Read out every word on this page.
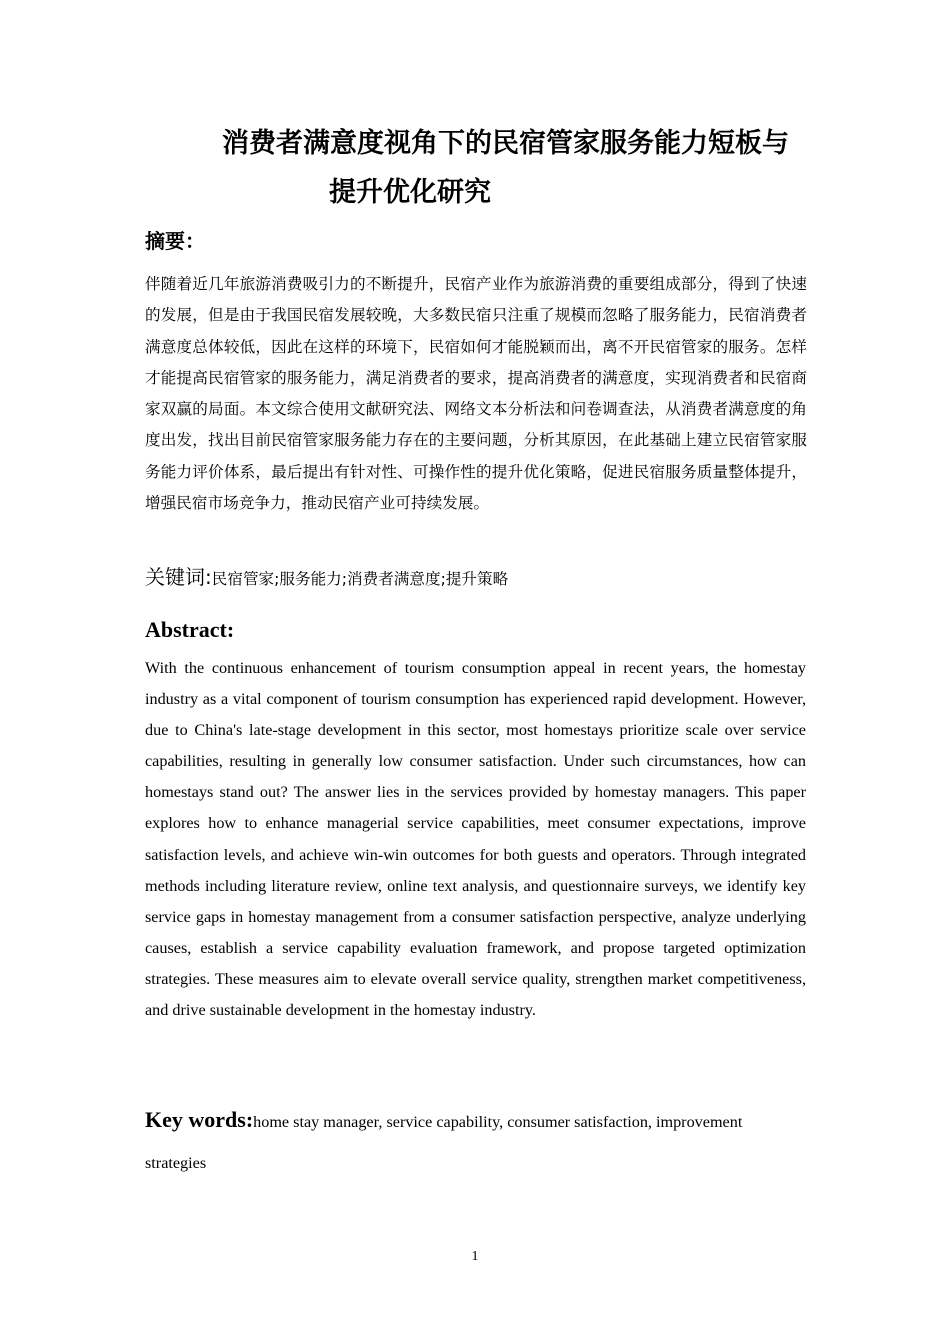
消费者满意度视角下的民宿管家服务能力短板与
提升优化研究
摘要：
伴随着近几年旅游消费吸引力的不断提升，民宿产业作为旅游消费的重要组成部分，得到了快速的发展，但是由于我国民宿发展较晚，大多数民宿只注重了规模而忽略了服务能力，民宿消费者满意度总体较低，因此在这样的环境下，民宿如何才能脱颖而出，离不开民宿管家的服务。怎样才能提高民宿管家的服务能力，满足消费者的要求，提高消费者的满意度，实现消费者和民宿商家双赢的局面。本文综合使用文献研究法、网络文本分析法和问卷调查法，从消费者满意度的角度出发，找出目前民宿管家服务能力存在的主要问题，分析其原因，在此基础上建立民宿管家服务能力评价体系，最后提出有针对性、可操作性的提升优化策略，促进民宿服务质量整体提升，增强民宿市场竞争力，推动民宿产业可持续发展。
关键词:民宿管家;服务能力;消费者满意度;提升策略
Abstract:
With the continuous enhancement of tourism consumption appeal in recent years, the homestay industry as a vital component of tourism consumption has experienced rapid development. However, due to China's late-stage development in this sector, most homestays prioritize scale over service capabilities, resulting in generally low consumer satisfaction. Under such circumstances, how can homestays stand out? The answer lies in the services provided by homestay managers. This paper explores how to enhance managerial service capabilities, meet consumer expectations, improve satisfaction levels, and achieve win-win outcomes for both guests and operators. Through integrated methods including literature review, online text analysis, and questionnaire surveys, we identify key service gaps in homestay management from a consumer satisfaction perspective, analyze underlying causes, establish a service capability evaluation framework, and propose targeted optimization strategies. These measures aim to elevate overall service quality, strengthen market competitiveness, and drive sustainable development in the homestay industry.
Key words:home stay manager, service capability, consumer satisfaction, improvement strategies
1
